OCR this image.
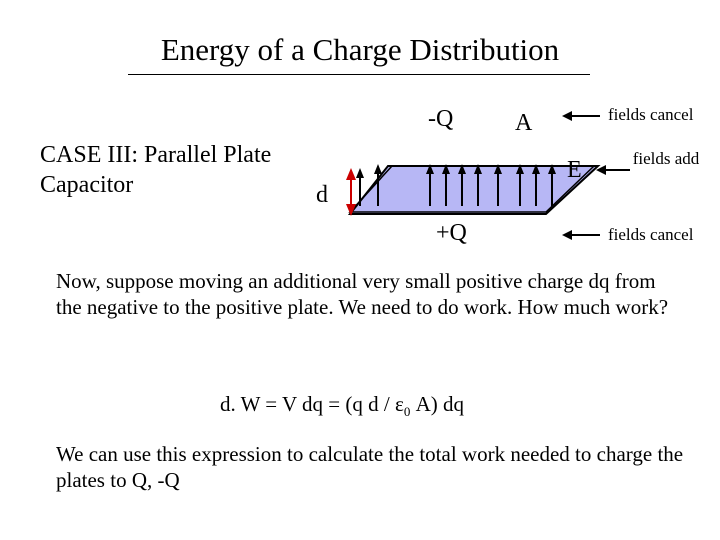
Energy of a Charge Distribution
CASE III: Parallel Plate Capacitor
-Q	A
E
d
+Q
fields cancel
fields add
fields cancel
Now, suppose moving an additional very small positive charge dq from the negative to the positive plate. We need to do work. How much work?
d. W = V dq = (q d / $\varepsilon_0$ A) dq
We can use this expression to calculate the total work needed to charge the plates to Q, -Q
